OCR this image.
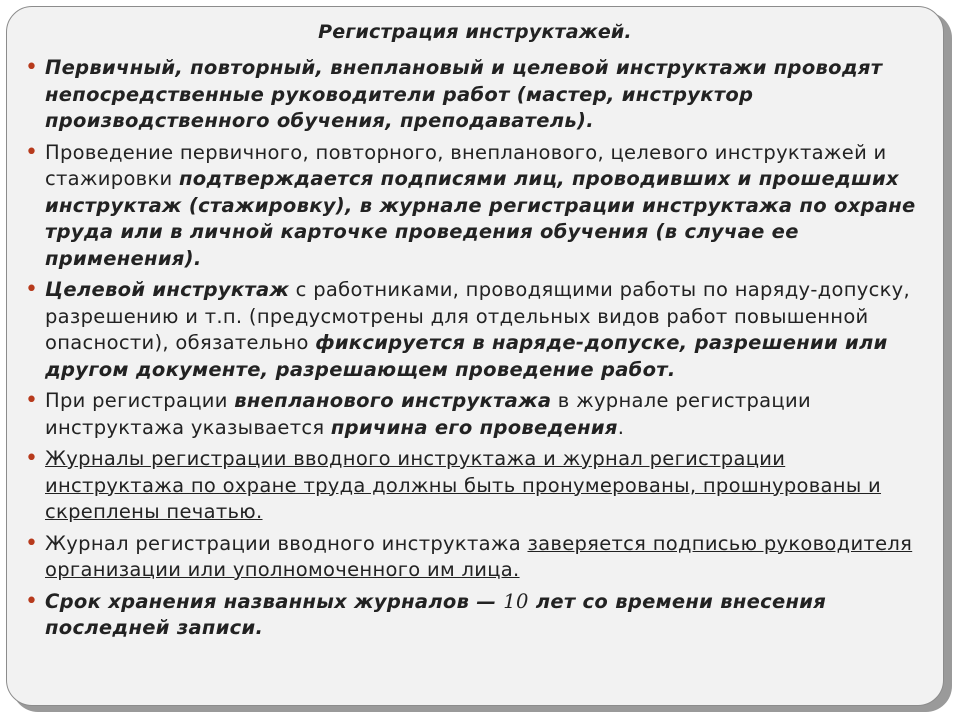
Регистрация инструктажей.
• Первичный, повторный, внеплановый и целевой инструктажи проводят непосредственные руководители работ (мастер, инструктор производственного обучения, преподаватель).
• Проведение первичного, повторного, внепланового, целевого инструктажей и стажировки подтверждается подписями лиц, проводивших и прошедших инструктаж (стажировку), в журнале регистрации инструктажа по охране труда или в личной карточке проведения обучения (в случае ее применения).
• Целевой инструктаж с работниками, проводящими работы по наряду-допуску, разрешению и т.п. (предусмотрены для отдельных видов работ повышенной опасности), обязательно фиксируется в наряде-допуске, разрешении или другом документе, разрешающем проведение работ.
• При регистрации внепланового инструктажа в журнале регистрации инструктажа указывается причина его проведения.
• Журналы регистрации вводного инструктажа и журнал регистрации инструктажа по охране труда должны быть пронумерованы, прошнурованы и скреплены печатью.
• Журнал регистрации вводного инструктажа заверяется подписью руководителя организации или уполномоченного им лица.
• Срок хранения названных журналов — 10 лет со времени внесения последней записи.
